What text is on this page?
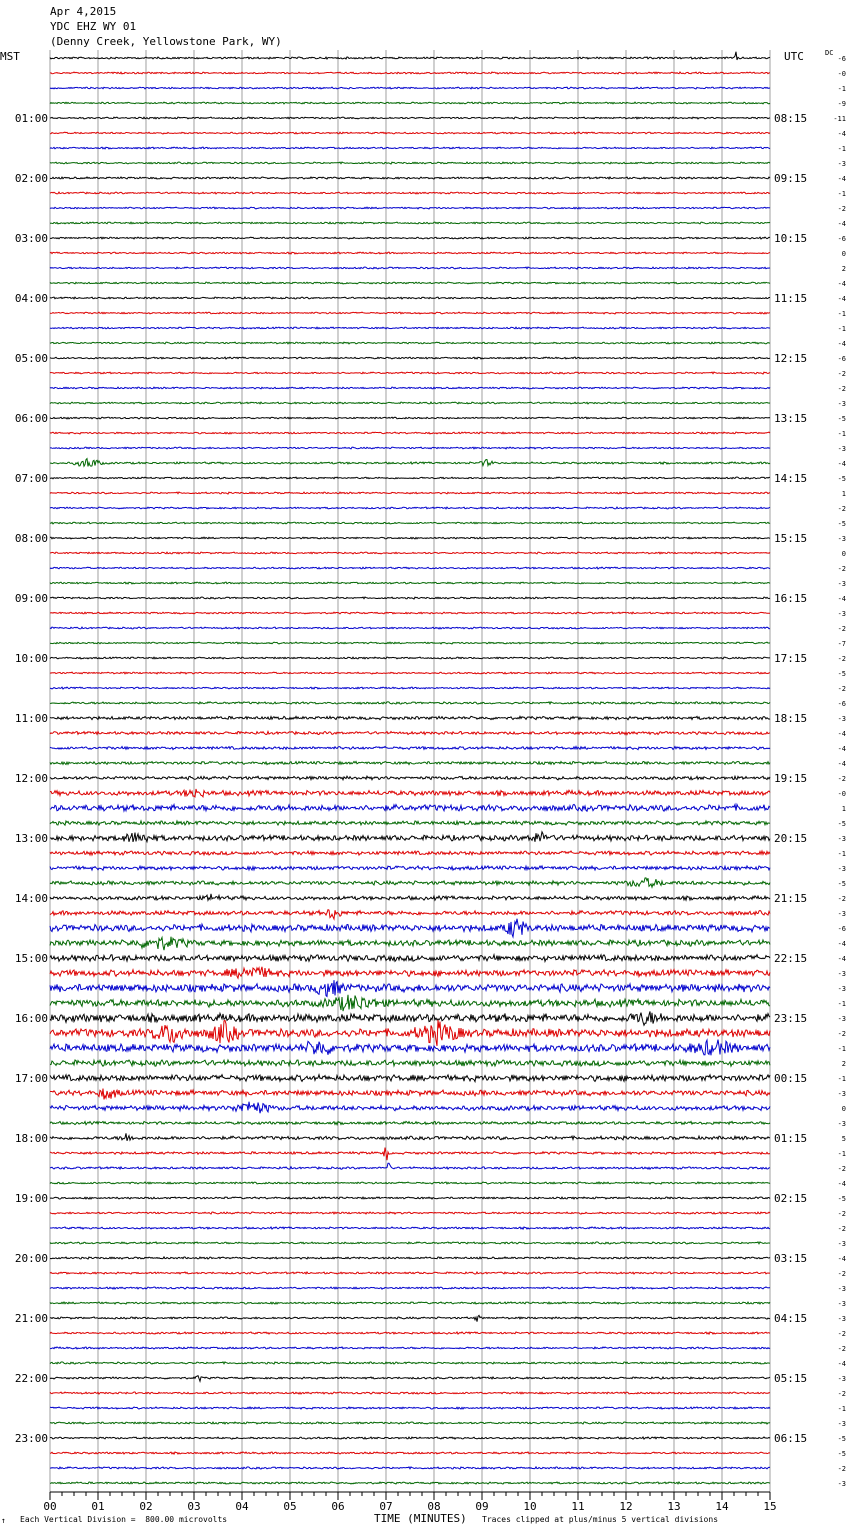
Apr 4,2015
YDC EHZ WY 01
(Denny Creek, Yellowstone Park, WY)
MST	UTC	DC
-6
-0
-1
-9
-11
-4
-1
-3
-4
-1
-2
-4
-6
0
2
-4
-4
-1
-1
-4
-6
-2
-2
-3
-5
-1
-3
-4
-5
1
-2
-5
-3
0
-2
-3
-4
-3
-2
-7
-2
-5
-2
-6
-3
-4
-4
-4
-2
-0
1
-5
-3
-1
-3
-5
-2
-3
-6
-4
-4
-3
-3
-1
-3
-2
-1
2
-1
-3
0
-3
5
-1
-2
-4
-5
-2
-2
-3
-4
-2
-3
-3
-3
-2
-2
-4
-3
-2
-1
-3
-5
-5
-2
-3
01:00
02:00
03:00
04:00
05:00
06:00
07:00
08:00
09:00
10:00
11:00
12:00
13:00
14:00
15:00
16:00
17:00
18:00
19:00
20:00
21:00
22:00
23:00
08:15
09:15
10:15
11:15
12:15
13:15
14:15
15:15
16:15
17:15
18:15
19:15
20:15
21:15
22:15
23:15
00:15
01:15
02:15
03:15
04:15
05:15
06:15
00	01	02	03	04	05	06	07	08	09	10	11	12	13	14	15
↑ Each Vertical Division =  800.00 microvolts	TIME (MINUTES) Traces clipped at plus/minus 5 vertical divisions
